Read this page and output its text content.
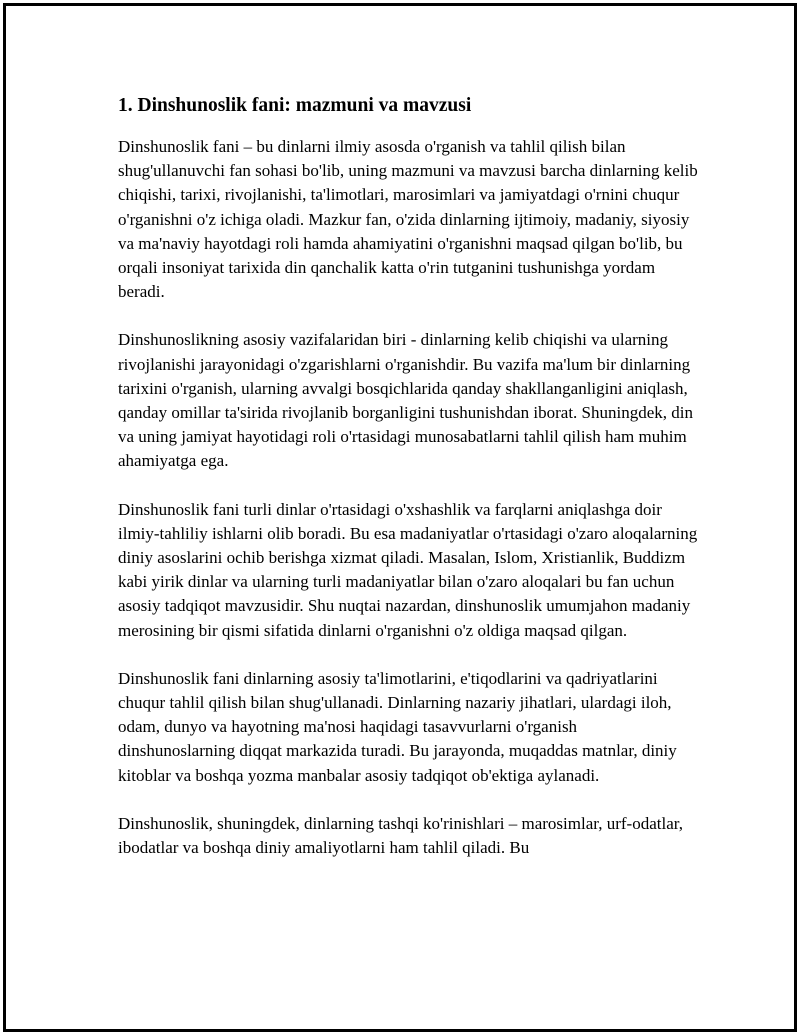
1. Dinshunoslik fani: mazmuni va mavzusi

Dinshunoslik fani – bu dinlarni ilmiy asosda o'rganish va tahlil qilish bilan shug'ullanuvchi fan sohasi bo'lib, uning mazmuni va mavzusi barcha dinlarning kelib chiqishi, tarixi, rivojlanishi, ta'limotlari, marosimlari va jamiyatdagi o'rnini chuqur o'rganishni o'z ichiga oladi. Mazkur fan, o'zida dinlarning ijtimoiy, madaniy, siyosiy va ma'naviy hayotdagi roli hamda ahamiyatini o'rganishni maqsad qilgan bo'lib, bu orqali insoniyat tarixida din qanchalik katta o'rin tutganini tushunishga yordam beradi.

Dinshunoslikning asosiy vazifalaridan biri - dinlarning kelib chiqishi va ularning rivojlanishi jarayonidagi o'zgarishlarni o'rganishdir. Bu vazifa ma'lum bir dinlarning tarixini o'rganish, ularning avvalgi bosqichlarida qanday shakllanganligini aniqlash, qanday omillar ta'sirida rivojlanib borganligini tushunishdan iborat. Shuningdek, din va uning jamiyat hayotidagi roli o'rtasidagi munosabatlarni tahlil qilish ham muhim ahamiyatga ega.

Dinshunoslik fani turli dinlar o'rtasidagi o'xshashlik va farqlarni aniqlashga doir ilmiy-tahliliy ishlarni olib boradi. Bu esa madaniyatlar o'rtasidagi o'zaro aloqalarning diniy asoslarini ochib berishga xizmat qiladi. Masalan, Islom, Xristianlik, Buddizm kabi yirik dinlar va ularning turli madaniyatlar bilan o'zaro aloqalari bu fan uchun asosiy tadqiqot mavzusidir. Shu nuqtai nazardan, dinshunoslik umumjahon madaniy merosining bir qismi sifatida dinlarni o'rganishni o'z oldiga maqsad qilgan.

Dinshunoslik fani dinlarning asosiy ta'limotlarini, e'tiqodlarini va qadriyatlarini chuqur tahlil qilish bilan shug'ullanadi. Dinlarning nazariy jihatlari, ulardagi iloh, odam, dunyo va hayotning ma'nosi haqidagi tasavvurlarni o'rganish dinshunoslarning diqqat markazida turadi. Bu jarayonda, muqaddas matnlar, diniy kitoblar va boshqa yozma manbalar asosiy tadqiqot ob'ektiga aylanadi.

Dinshunoslik, shuningdek, dinlarning tashqi ko'rinishlari – marosimlar, urf-odatlar, ibodatlar va boshqa diniy amaliyotlarni ham tahlil qiladi. Bu
